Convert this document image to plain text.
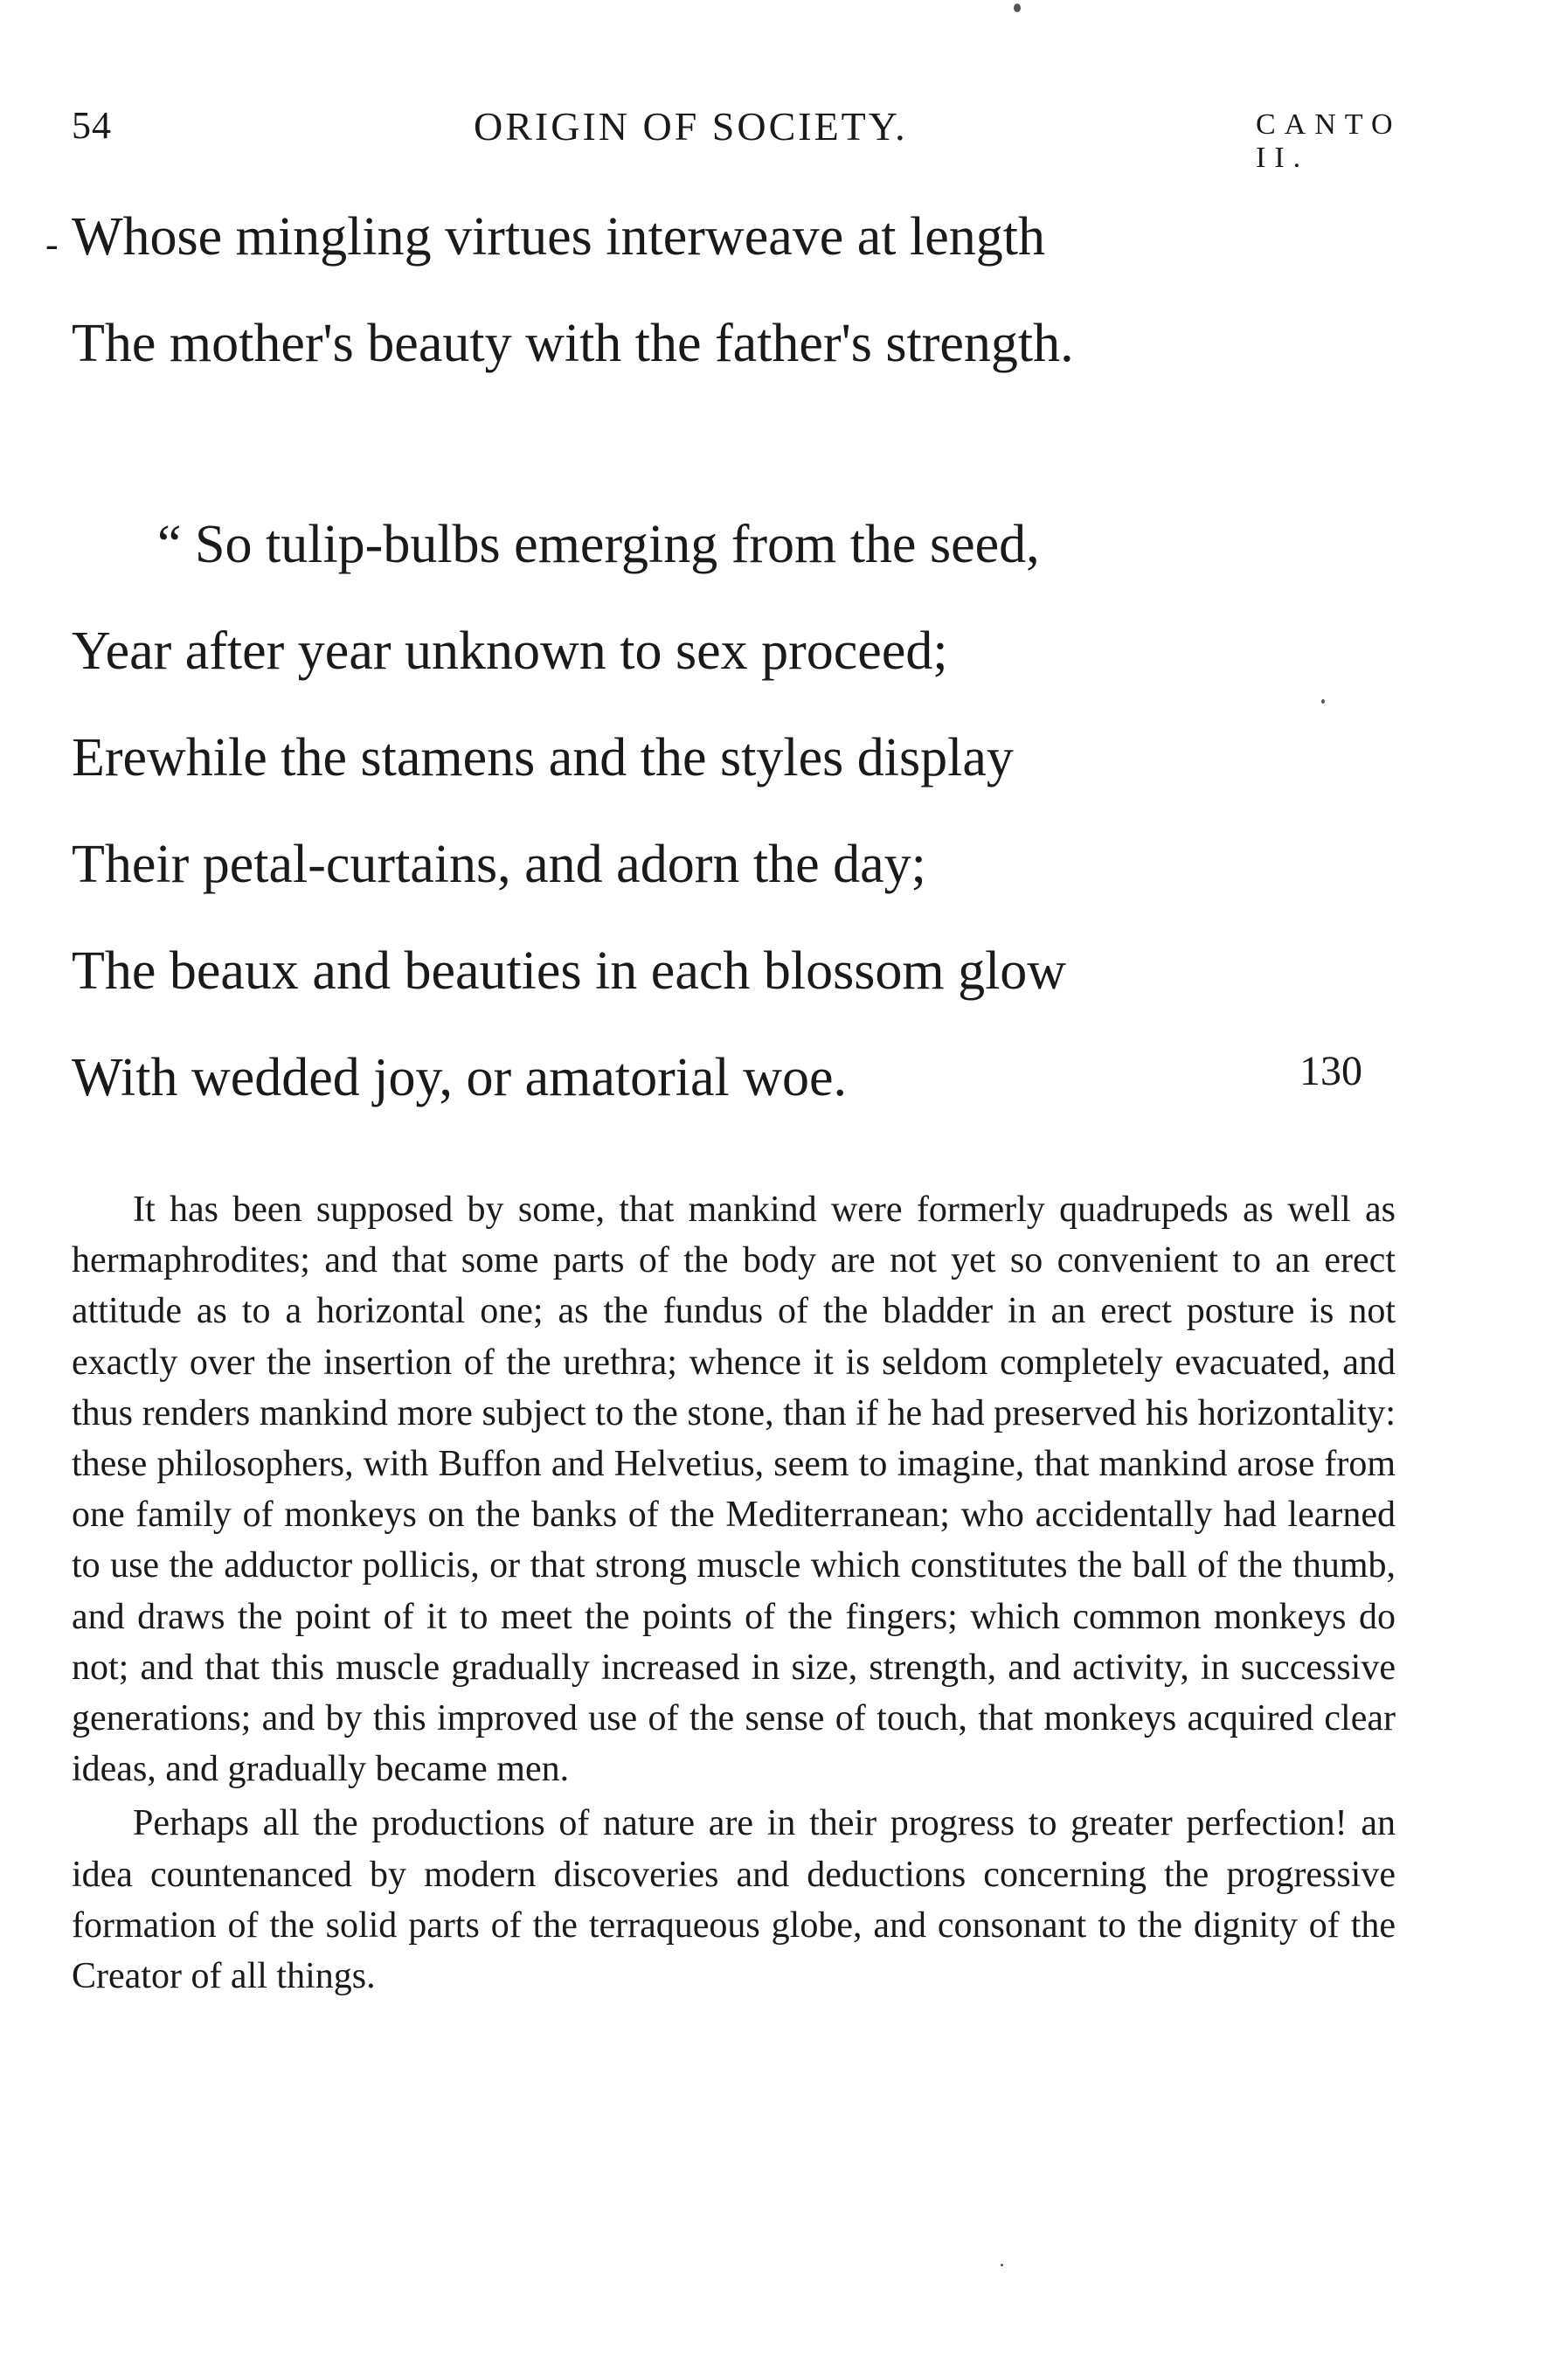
54	ORIGIN OF SOCIETY.	CANTO II.
- Whose mingling virtues interweave at length
The mother's beauty with the father's strength.
“ So tulip-bulbs emerging from the seed,
Year after year unknown to sex proceed;
Erewhile the stamens and the styles display
Their petal-curtains, and adorn the day;
The beaux and beauties in each blossom glow
With wedded joy, or amatorial woe.	130

It has been supposed by some, that mankind were formerly quadrupeds as well as hermaphrodites; and that some parts of the body are not yet so convenient to an erect attitude as to a horizontal one; as the fundus of the bladder in an erect posture is not exactly over the insertion of the urethra; whence it is seldom completely evacuated, and thus renders mankind more subject to the stone, than if he had preserved his horizontality: these philosophers, with Buffon and Helvetius, seem to imagine, that mankind arose from one family of monkeys on the banks of the Mediterranean; who accidentally had learned to use the adductor pollicis, or that strong muscle which constitutes the ball of the thumb, and draws the point of it to meet the points of the fingers; which common monkeys do not; and that this muscle gradually increased in size, strength, and activity, in successive generations; and by this improved use of the sense of touch, that monkeys acquired clear ideas, and gradually became men.

Perhaps all the productions of nature are in their progress to greater perfection! an idea countenanced by modern discoveries and deductions concerning the progressive formation of the solid parts of the terraqueous globe, and consonant to the dignity of the Creator of all things.
